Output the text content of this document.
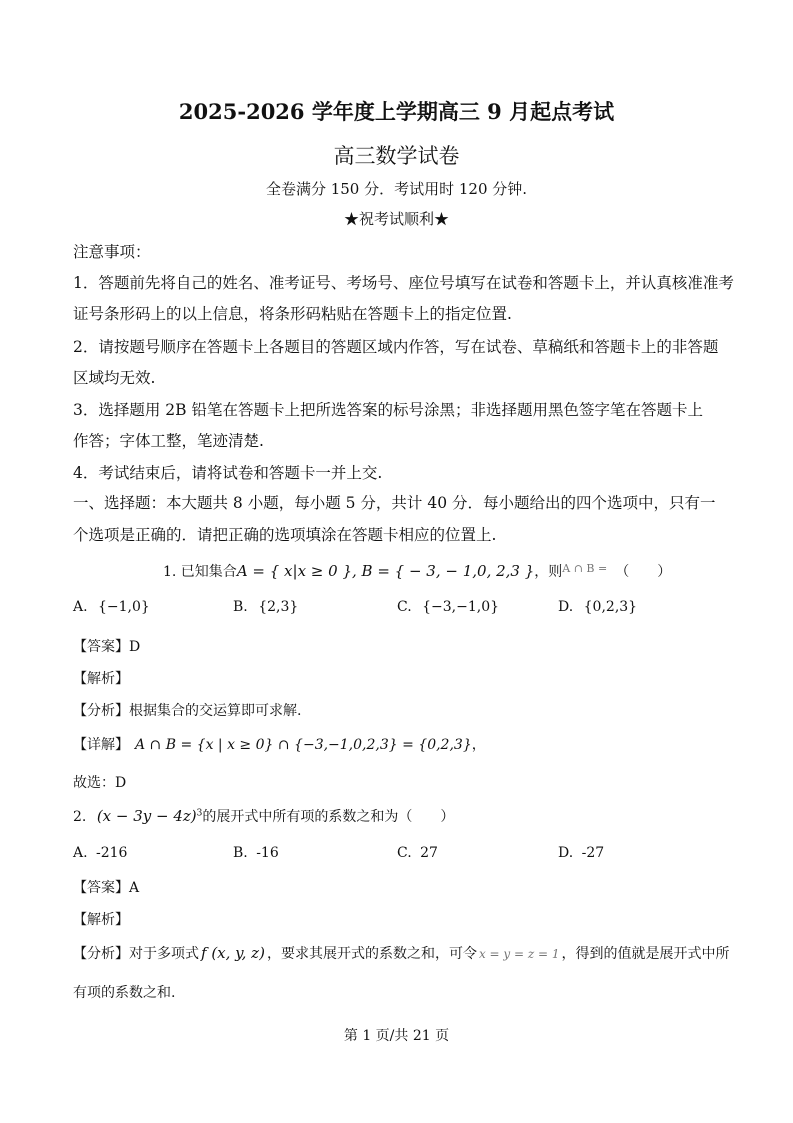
2025-2026 学年度上学期高三 9 月起点考试
高三数学试卷
全卷满分 150 分．考试用时 120 分钟.
★祝考试顺利★
注意事项：
1．答题前先将自己的姓名、准考证号、考场号、座位号填写在试卷和答题卡上，并认真核准准考
证号条形码上的以上信息，将条形码粘贴在答题卡上的指定位置.
2．请按题号顺序在答题卡上各题目的答题区域内作答，写在试卷、草稿纸和答题卡上的非答题
区域均无效.
3．选择题用 2B 铅笔在答题卡上把所选答案的标号涂黑；非选择题用黑色签字笔在答题卡上
作答；字体工整，笔迹清楚.
4．考试结束后，请将试卷和答题卡一并上交.
一、选择题：本大题共 8 小题，每小题 5 分，共计 40 分．每小题给出的四个选项中，只有一
个选项是正确的．请把正确的选项填涂在答题卡相应的位置上.
1. 已知集合A = { x|x ≥ 0 }, B = { − 3, − 1,0, 2,3 }，则$^{A \cap B =}$ （　　）
A. {−1,0}	B. {2,3}	C. {−3,−1,0}	D. {0,2,3}
【答案】D
【解析】
【分析】根据集合的交运算即可求解.
【详解】 A ∩ B = {x | x ≥ 0} ∩ {−3,−1,0,2,3} = {0,2,3}，
故选：D
2. $(x - 3y - 4z)^3$的展开式中所有项的系数之和为（　　）
A. -216	B. -16	C. 27	D. -27
【答案】A
【解析】
【分析】对于多项式 f (x, y, z) ，要求其展开式的系数之和，可令 x = y = z = 1 ，得到的值就是展开式中所
有项的系数之和.
第 1 页/共 21 页
